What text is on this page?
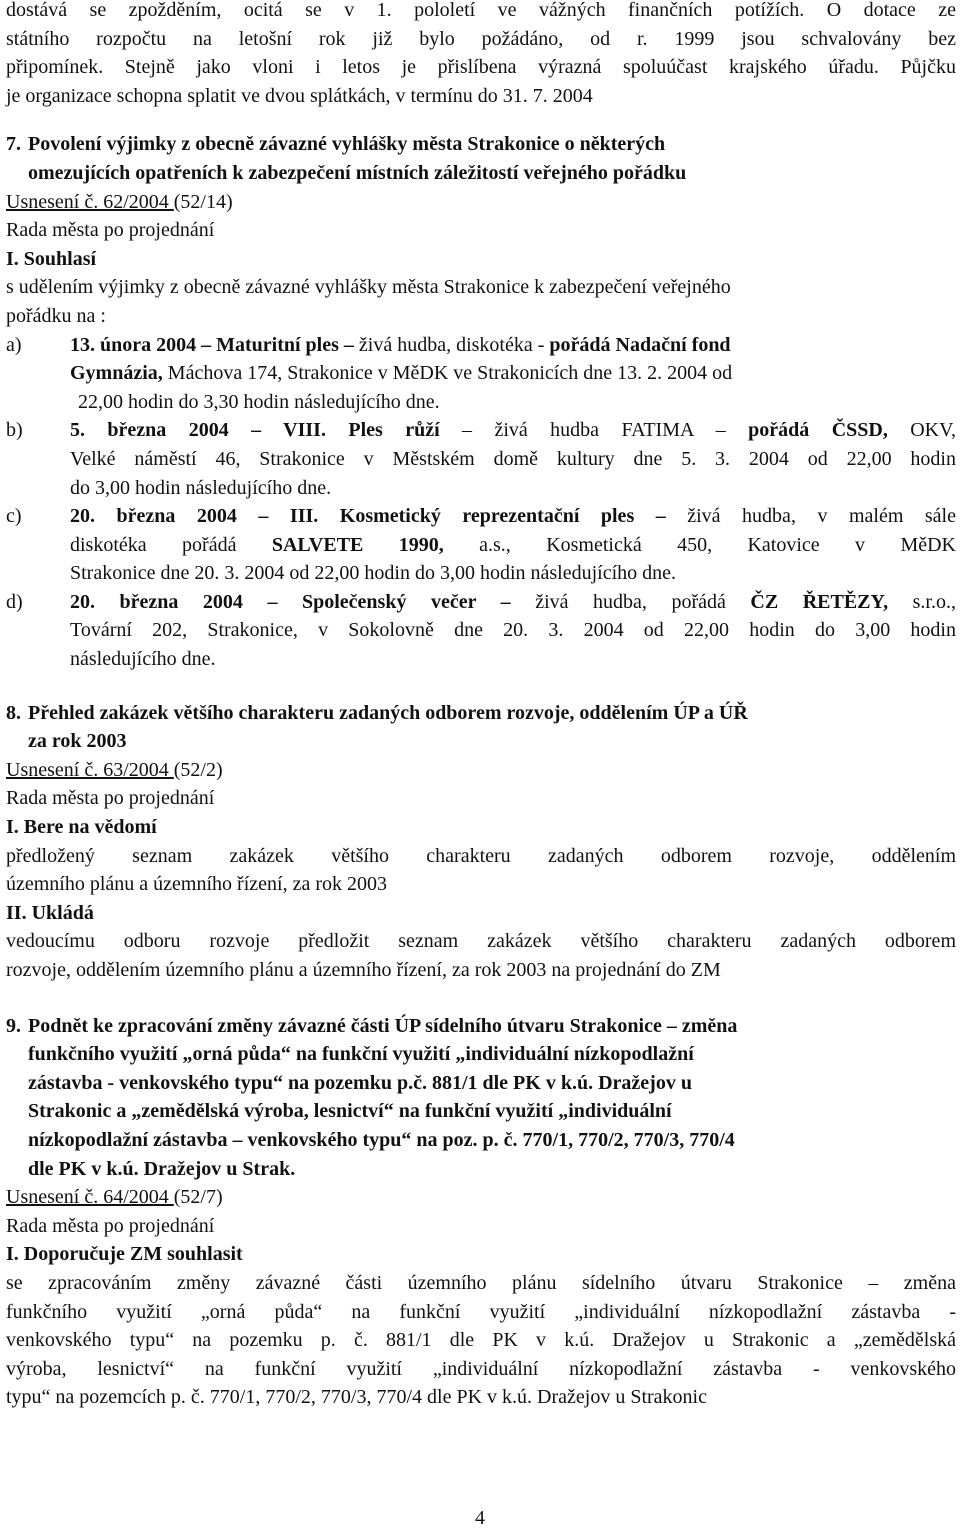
dostává se zpožděním, ocitá se v 1. pololetí ve vážných finančních potížích. O dotace ze

státního rozpočtu na letošní rok již bylo požádáno, od r. 1999 jsou schvalovány bez

připomínek. Stejně jako vloni i letos je přislíbena výrazná spoluúčast krajského úřadu. Půjčku

je organizace schopna splatit ve dvou splátkách, v termínu do 31. 7. 2004

7. Povolení výjimky z obecně závazné vyhlášky města Strakonice o některých

omezujících opatřeních k zabezpečení místních záležitostí veřejného pořádku

Usnesení č. 62/2004 (52/14)

Rada města po projednání

I. Souhlasí

s udělením výjimky z obecně závazné vyhlášky města Strakonice k zabezpečení veřejného

pořádku na :

a)	13. února 2004 – Maturitní ples – živá hudba, diskotéka - pořádá Nadační fond

Gymnázia, Máchova 174, Strakonice v MěDK ve Strakonicích dne 13. 2. 2004 od

22,00 hodin do 3,30 hodin následujícího dne.

b)	5. března 2004 – VIII. Ples růží – živá hudba FATIMA – pořádá ČSSD, OKV,

Velké náměstí 46, Strakonice v Městském domě kultury dne 5. 3. 2004 od 22,00 hodin

do 3,00 hodin následujícího dne.

c)	20. března 2004 – III. Kosmetický reprezentační ples – živá hudba, v malém sále

diskotéka pořádá SALVETE 1990, a.s., Kosmetická 450, Katovice v MěDK

Strakonice dne 20. 3. 2004 od 22,00 hodin do 3,00 hodin následujícího dne.

d)	20. března 2004 – Společenský večer – živá hudba, pořádá ČZ ŘETĚZY, s.r.o.,

Tovární 202, Strakonice, v Sokolovně dne 20. 3. 2004 od 22,00 hodin do 3,00 hodin

následujícího dne.

8. Přehled zakázek většího charakteru zadaných odborem rozvoje, oddělením ÚP a ÚŘ

za rok 2003

Usnesení č. 63/2004 (52/2)

Rada města po projednání

I. Bere na vědomí

předložený seznam zakázek většího charakteru zadaných odborem rozvoje, oddělením

územního plánu a územního řízení, za rok 2003

II. Ukládá

vedoucímu odboru rozvoje předložit seznam zakázek většího charakteru zadaných odborem

rozvoje, oddělením územního plánu a územního řízení, za rok 2003 na projednání do ZM

9. Podnět ke zpracování změny závazné části ÚP sídelního útvaru Strakonice – změna

funkčního využití „orná půda“ na funkční využití „individuální nízkopodlažní

zástavba - venkovského typu“ na pozemku p.č. 881/1 dle PK v k.ú. Dražejov u

Strakonic a „zemědělská výroba, lesnictví“ na funkční využití „individuální

nízkopodlažní zástavba – venkovského typu“ na poz. p. č. 770/1, 770/2, 770/3, 770/4

dle PK v k.ú. Dražejov u Strak.

Usnesení č. 64/2004 (52/7)

Rada města po projednání

I. Doporučuje ZM souhlasit

se zpracováním změny závazné části územního plánu sídelního útvaru Strakonice – změna

funkčního využití „orná půda“ na funkční využití „individuální nízkopodlažní zástavba -

venkovského typu“ na pozemku p. č. 881/1 dle PK v k.ú. Dražejov u Strakonic a „zemědělská

výroba, lesnictví“ na funkční využití „individuální nízkopodlažní zástavba - venkovského

typu“ na pozemcích p. č. 770/1, 770/2, 770/3, 770/4 dle PK v k.ú. Dražejov u Strakonic

4
